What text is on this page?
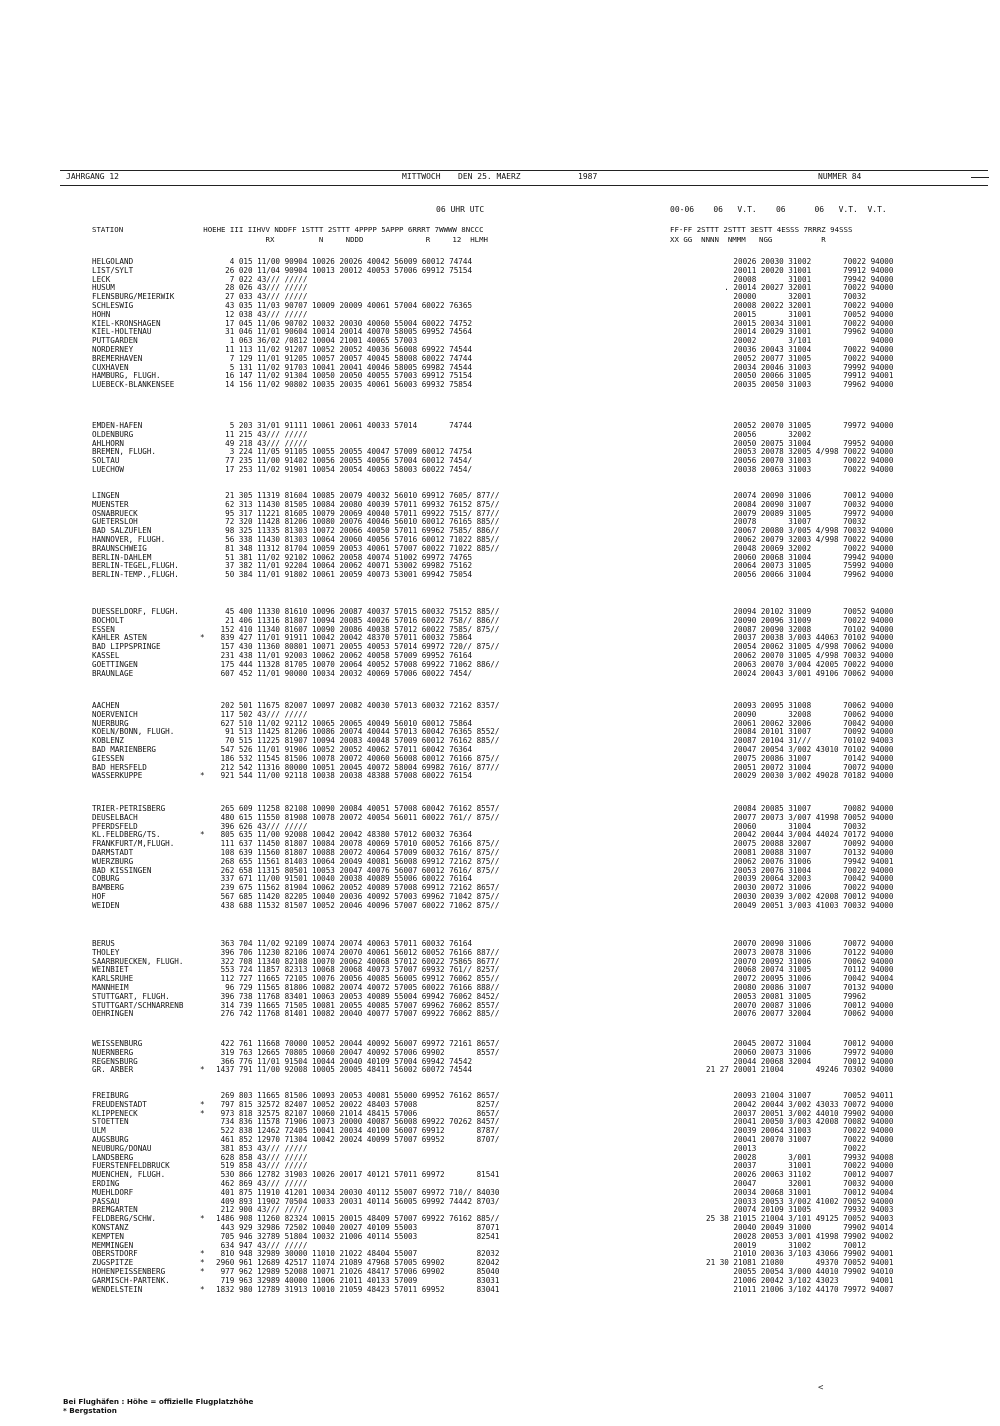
JAHRGANG 12	MITTWOCH DEN 25. MAERZ	1987	NUMMER 84
06 UHR UTC	00-06    06   V.T.    06      06   V.T.  V.T.
STATION                  HOEHE III IIHVV NDDFF 1STTT 2STTT 4PPPP 5APPP 6RRRT 7WWWW 8NCCC	FF-FF 2STTT 2STTT 3ESTT 4ESSS 7RRRZ 94SSS
RX          N     NDDD              R     12  HLMH	XX GG  NNNN  NMMM   NGG           R
HELGOLAND	4 015 11/00 90904 10026 20026 40042 56009 60012 74744	20026 20030 31002       70022 94000
LIST/SYLT	26 020 11/04 90904 10013 20012 40053 57006 69912 75154	20011 20020 31001       79912 94000
LECK	7 022 43/// /////	20008       31001       79942 94000
HUSUM	28 026 43/// /////	. 20014 20027 32001       70022 94000
FLENSBURG/MEIERWIK	27 033 43/// /////	20000       32001       70032
SCHLESWIG	43 035 11/03 90707 10009 20009 40061 57004 60022 76365	20008 20022 32001       70022 94000
HOHN	12 038 43/// /////	20015       31001       70052 94000
KIEL-KRONSHAGEN	17 045 11/06 90702 10032 20030 40060 55004 60022 74752	20015 20034 31001       70022 94000
KIEL-HOLTENAU	31 046 11/01 90604 10014 20014 40070 58005 69952 74564	20014 20029 31001       79962 94000
PUTTGARDEN	1 063 36/02 /0812 10004 21001 40065 57003	20002       3/101             94000
NORDERNEY	11 113 11/02 91207 10052 20052 40036 56008 69922 74544	20036 20043 31004       70022 94000
BREMERHAVEN	7 129 11/01 91205 10057 20057 40045 58008 60022 74744	20052 20077 31005       70022 94000
CUXHAVEN	5 131 11/02 91703 10041 20041 40046 58005 69982 74544	20034 20046 31003       79992 94000
HAMBURG, FLUGH.	16 147 11/02 91304 10050 20050 40055 57003 69912 75154	20050 20066 31005       79912 94001
LUEBECK-BLANKENSEE	14 156 11/02 90802 10035 20035 40061 56003 69932 75854	20035 20050 31003       79962 94000
EMDEN-HAFEN	5 203 31/01 91111 10061 20061 40033 57014       74744	20052 20070 31005       79972 94000
OLDENBURG	11 215 43/// /////	20056       32002
AHLHORN	49 218 43/// /////	20050 20075 31004       79952 94000
BREMEN, FLUGH.	3 224 11/05 91105 10055 20055 40047 57009 60012 74754	20053 20078 32005 4/998 70022 94000
SOLTAU	77 235 11/00 91402 10056 20055 40056 57004 60012 7454/	20056 20070 31003       70022 94000
LUECHOW	17 253 11/02 91901 10054 20054 40063 58003 60022 7454/	20038 20063 31003       70022 94000
LINGEN	21 305 11319 81604 10085 20079 40032 56010 69912 7605/ 877//	20074 20090 31006       70012 94000
MUENSTER	62 313 11430 81505 10084 20080 40039 57011 69932 76152 875//	20084 20090 31007       70032 94000
OSNABRUECK	95 317 11221 81605 10079 20069 40040 57011 69922 7515/ 877//	20079 20089 31005       79972 94000
GUETERSLOH	72 320 11428 81206 10080 20076 40046 56010 60012 76165 885//	20078       31007       70032
BAD SALZUFLEN	98 325 11335 81303 10072 20066 40050 57011 69962 7585/ 886//	20067 20080 3/005 4/998 70032 94000
HANNOVER, FLUGH.	56 338 11430 81303 10064 20060 40056 57016 60012 71022 885//	20062 20079 32003 4/998 70022 94000
BRAUNSCHWEIG	81 348 11312 81704 10059 20053 40061 57007 60022 71022 885//	20048 20069 32002       70022 94000
BERLIN-DAHLEM	51 381 11/02 92102 10062 20058 40074 51002 69972 74765	20060 20068 31004       79942 94000
BERLIN-TEGEL,FLUGH.	37 382 11/01 92204 10064 20062 40071 53002 69982 75162	20064 20073 31005       75992 94000
BERLIN-TEMP.,FLUGH.	50 384 11/01 91802 10061 20059 40073 53001 69942 75054	20056 20066 31004       79962 94000
DUESSELDORF, FLUGH.	45 400 11330 81610 10096 20087 40037 57015 60032 75152 885//	20094 20102 31009       70052 94000
BOCHOLT	21 406 11316 81807 10094 20085 40026 57016 60022 758// 886//	20090 20096 31009       70022 94000
ESSEN	152 410 11340 81607 10090 20086 40038 57012 60022 7585/ 875//	20087 20090 32008       70102 94000
KAHLER ASTEN	* 839 427 11/01 91911 10042 20042 48370 57011 60032 75864	20037 20038 3/003 44063 70102 94000
BAD LIPPSPRINGE	157 430 11360 80801 10071 20055 40053 57014 69972 720// 875//	20054 20062 31005 4/998 70062 94000
KASSEL	231 438 11/01 92003 10062 20062 40058 57009 69952 76164	20062 20070 31005 4/998 70032 94000
GOETTINGEN	175 444 11328 81705 10070 20064 40052 57008 69922 71062 886//	20063 20070 3/004 42005 70022 94000
BRAUNLAGE	607 452 11/01 90000 10034 20032 40069 57006 60022 7454/	20024 20043 3/001 49106 70062 94000
AACHEN	202 501 11675 82007 10097 20082 40030 57013 60032 72162 8357/	20093 20095 31008       70062 94000
NOERVENICH	117 502 43/// /////	20090       32008       70062 94000
NUERBURG	627 510 11/02 92112 10065 20065 40049 56010 60012 75864	20061 20062 32006       70042 94000
KOELN/BONN, FLUGH.	91 513 11425 81206 10086 20074 40044 57013 60042 76365 8552/	20084 20101 31007       70092 94000
KOBLENZ	70 515 11225 81907 10094 20083 40048 57009 60012 76162 885//	20087 20104 31///       70102 94003
BAD MARIENBERG	547 526 11/01 91906 10052 20052 40062 57011 60042 76364	20047 20054 3/002 43010 70102 94000
GIESSEN	186 532 11545 81506 10078 20072 40060 56008 60012 76166 875//	20075 20086 31007       70142 94000
BAD HERSFELD	212 542 11316 80000 10051 20045 40072 58004 69982 7616/ 877//	20051 20072 31004       70072 94000
WASSERKUPPE	* 921 544 11/00 92118 10038 20038 48388 57008 60022 76154	20029 20030 3/002 49028 70182 94000
TRIER-PETRISBERG	265 609 11258 82108 10090 20084 40051 57008 60042 76162 8557/	20084 20085 31007       70082 94000
DEUSELBACH	480 615 11550 81908 10078 20072 40054 56011 60022 761// 875//	20077 20073 3/007 41998 70052 94000
PFERDSFELD	396 626 43/// /////	20060       31004       70032
KL.FELDBERG/TS.	* 805 635 11/00 92008 10042 20042 48380 57012 60032 76364	20042 20044 3/004 44024 70172 94000
FRANKFURT/M,FLUGH.	111 637 11450 81807 10084 20078 40069 57010 60052 76166 875//	20075 20088 32007       70092 94000
DARMSTADT	108 639 11560 81807 10088 20072 40064 57009 60032 7616/ 875//	20081 20088 31007       70132 94000
WUERZBURG	268 655 11561 81403 10064 20049 40081 56008 69912 72162 875//	20062 20076 31006       79942 94001
BAD KISSINGEN	262 658 11315 80501 10053 20047 40076 56007 60012 7616/ 875//	20053 20076 31004       70022 94000
COBURG	337 671 11/00 91501 10040 20038 40089 55006 60022 76164	20039 20064 32003       70042 94000
BAMBERG	239 675 11562 81904 10062 20052 40089 57008 69912 72162 8657/	20030 20072 31006       70022 94000
HOF	567 685 11420 82205 10040 20036 40092 57003 69962 71042 875//	20030 20039 3/002 42008 70012 94000
WEIDEN	438 688 11532 81507 10052 20046 40096 57007 60022 71062 875//	20049 20051 3/003 41003 70032 94000
BERUS	363 704 11/02 92109 10074 20074 40063 57011 60032 76164	20070 20090 31006       70072 94000
THOLEY	396 706 11230 82106 10074 20070 40061 56012 60052 76166 887//	20073 20078 31006       70122 94000
SAARBRUECKEN, FLUGH.	322 708 11340 82108 10070 20062 40068 57012 60022 75865 8677/	20070 20092 31006       70062 94000
WEINBIET	553 724 11857 82313 10068 20068 40073 57007 69932 761// 8257/	20068 20074 31005       70112 94000
KARLSRUHE	112 727 11665 72105 10076 20056 40085 56005 69912 76062 855//	20072 20095 31006       70042 94004
MANNHEIM	96 729 11565 81806 10082 20074 40072 57005 60022 76166 888//	20080 20086 31007       70132 94000
STUTTGART, FLUGH.	396 738 11768 83401 10063 20053 40089 55004 69942 76062 8452/	20053 20081 31005       79962
STUTTGART/SCHNARRENB	314 739 11665 71505 10081 20055 40085 57007 69962 76062 8557/	20070 20087 31006       70012 94000
OEHRINGEN	276 742 11768 81401 10082 20040 40077 57007 69922 76062 885//	20076 20077 32004       70062 94000
WEISSENBURG	422 761 11668 70000 10052 20044 40092 56007 69972 72161 8657/	20045 20072 31004       70012 94000
NUERNBERG	319 763 12665 70805 10060 20047 40092 57006 69902       8557/	20060 20073 31006       79972 94000
REGENSBURG	366 776 11/01 91504 10044 20040 40109 57004 69942 74542	20044 20068 32004       70012 94000
GR. ARBER	* 1437 791 11/00 92008 10005 20005 48411 56002 60072 74544	21 27 20001 21004       49246 70302 94000
FREIBURG	269 803 11665 81506 10093 20053 40081 55000 69952 76162 8657/	20093 21004 31007       70052 94011
FREUDENSTADT	* 797 815 32572 82407 10052 20022 48403 57008             8257/	20042 20044 3/002 43033 70072 94000
KLIPPENECK	* 973 818 32575 82107 10060 21014 48415 57006             8657/	20037 20051 3/002 44010 79902 94000
STOETTEN	734 836 11578 71906 10073 20000 40087 56008 69922 70262 8457/	20041 20050 3/003 42008 70082 94000
ULM	522 838 12462 72405 10041 20034 40100 56007 69912       8787/	20039 20064 31003       70022 94000
AUGSBURG	461 852 12970 71304 10042 20024 40099 57007 69952       8707/	20041 20070 31007       70022 94000
NEUBURG/DONAU	381 853 43/// /////	20013                   70022
LANDSBERG	628 858 43/// /////	20028       3/001       79932 94008
FUERSTENFELDBRUCK	519 858 43/// /////	20037       31001       70022 94000
MUENCHEN, FLUGH.	530 866 12782 31903 10026 20017 40121 57011 69972       81541	20026 20063 31102       70012 94007
ERDING	462 869 43/// /////	20047       32001       70032 94000
MUEHLDORF	401 875 11910 41201 10034 20030 40112 55007 69972 710// 84030	20034 20068 31001       70012 94004
PASSAU	409 893 11902 70504 10033 20031 40114 56005 69992 74442 8703/	20033 20053 3/002 41002 70052 94000
BREMGARTEN	212 900 43/// /////	20074 20109 31005       79932 94003
FELDBERG/SCHW.	* 1486 908 11260 82324 10015 20015 48409 57007 69922 76162 885//	25 38 21015 21004 3/101 49125 70052 94003
KONSTANZ	443 929 32986 72502 10040 20027 40109 55003             87071	20040 20049 31000       79902 94014
KEMPTEN	705 946 32789 51804 10032 21006 40114 55003             82541	20028 20053 3/001 41998 79902 94002
MEMMINGEN	634 947 43/// /////	20019       31002       70012
OBERSTDORF	* 810 948 32989 30000 11010 21022 48404 55007             82032	21010 20036 3/103 43066 79902 94001
ZUGSPITZE	* 2960 961 12689 42517 11074 21089 47968 57005 69902       82042	21 30 21081 21080       49370 70052 94001
HOHENPEISSENBERG	* 977 962 12989 52008 10071 21026 48417 57006 69902       85040	20055 20054 3/000 44010 79902 94010
GARMISCH-PARTENK.	719 963 32989 40000 11006 21011 40133 57009             83031	21006 20042 3/102 43023       94001
WENDELSTEIN	* 1832 980 12789 31913 10010 21059 48423 57011 69952       83041	21011 21006 3/102 44170 79972 94007
Bei Flughäfen : Höhe = offizielle Flugplatzhöhe
* Bergstation
<
